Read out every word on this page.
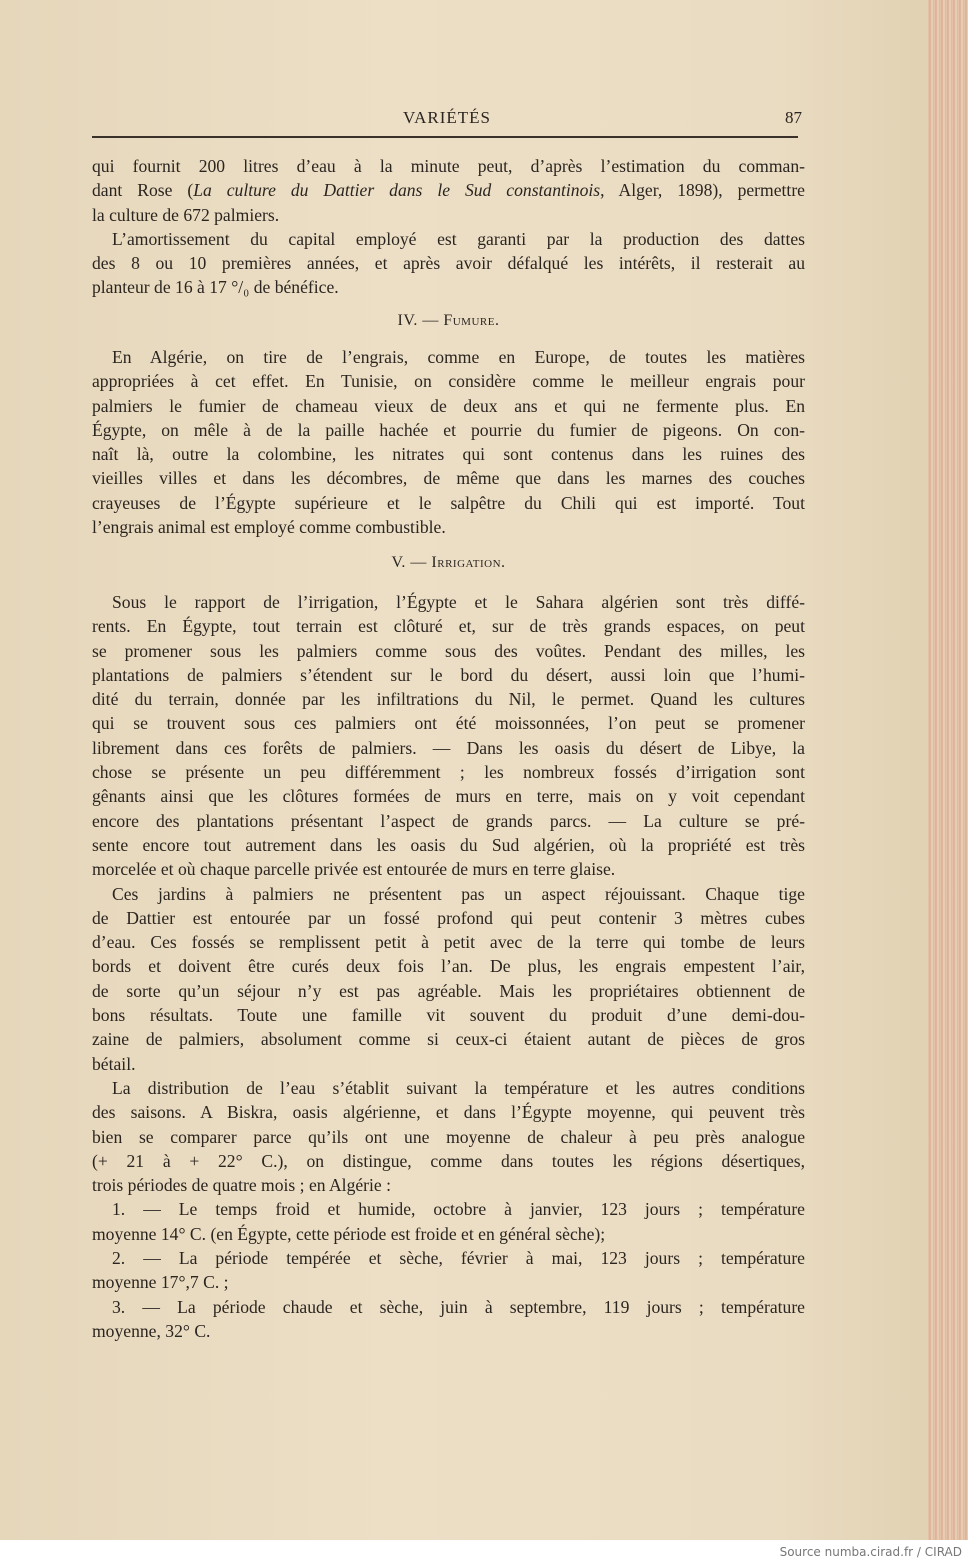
VARIÉTÉS	87
qui fournit 200 litres d’eau à la minute peut, d’après l’estimation du comman-
dant Rose (La culture du Dattier dans le Sud constantinois, Alger, 1898), permettre
la culture de 672 palmiers.
L’amortissement du capital employé est garanti par la production des dattes
des 8 ou 10 premières années, et après avoir défalqué les intérêts, il resterait au
planteur de 16 à 17 °/₀ de bénéfice.
IV. — Fumure.
En Algérie, on tire de l’engrais, comme en Europe, de toutes les matières
appropriées à cet effet. En Tunisie, on considère comme le meilleur engrais pour
palmiers le fumier de chameau vieux de deux ans et qui ne fermente plus. En
Égypte, on mêle à de la paille hachée et pourrie du fumier de pigeons. On con-
naît là, outre la colombine, les nitrates qui sont contenus dans les ruines des
vieilles villes et dans les décombres, de même que dans les marnes des couches
crayeuses de l’Égypte supérieure et le salpêtre du Chili qui est importé. Tout
l’engrais animal est employé comme combustible.
V. — Irrigation.
Sous le rapport de l’irrigation, l’Égypte et le Sahara algérien sont très diffé-
rents. En Égypte, tout terrain est clôturé et, sur de très grands espaces, on peut
se promener sous les palmiers comme sous des voûtes. Pendant des milles, les
plantations de palmiers s’étendent sur le bord du désert, aussi loin que l’humi-
dité du terrain, donnée par les infiltrations du Nil, le permet. Quand les cultures
qui se trouvent sous ces palmiers ont été moissonnées, l’on peut se promener
librement dans ces forêts de palmiers. — Dans les oasis du désert de Libye, la
chose se présente un peu différemment ; les nombreux fossés d’irrigation sont
gênants ainsi que les clôtures formées de murs en terre, mais on y voit cependant
encore des plantations présentant l’aspect de grands parcs. — La culture se pré-
sente encore tout autrement dans les oasis du Sud algérien, où la propriété est très
morcelée et où chaque parcelle privée est entourée de murs en terre glaise.
Ces jardins à palmiers ne présentent pas un aspect réjouissant. Chaque tige
de Dattier est entourée par un fossé profond qui peut contenir 3 mètres cubes
d’eau. Ces fossés se remplissent petit à petit avec de la terre qui tombe de leurs
bords et doivent être curés deux fois l’an. De plus, les engrais empestent l’air,
de sorte qu’un séjour n’y est pas agréable. Mais les propriétaires obtiennent de
bons résultats. Toute une famille vit souvent du produit d’une demi-dou-
zaine de palmiers, absolument comme si ceux-ci étaient autant de pièces de gros
bétail.
La distribution de l’eau s’établit suivant la température et les autres conditions
des saisons. A Biskra, oasis algérienne, et dans l’Égypte moyenne, qui peuvent très
bien se comparer parce qu’ils ont une moyenne de chaleur à peu près analogue
(+ 21 à + 22° C.), on distingue, comme dans toutes les régions désertiques,
trois périodes de quatre mois ; en Algérie :
1. — Le temps froid et humide, octobre à janvier, 123 jours ; température
moyenne 14° C. (en Égypte, cette période est froide et en général sèche);
2. — La période tempérée et sèche, février à mai, 123 jours ; température
moyenne 17°,7 C. ;
3. — La période chaude et sèche, juin à septembre, 119 jours ; température
moyenne, 32° C.
Source numba.cirad.fr / CIRAD
